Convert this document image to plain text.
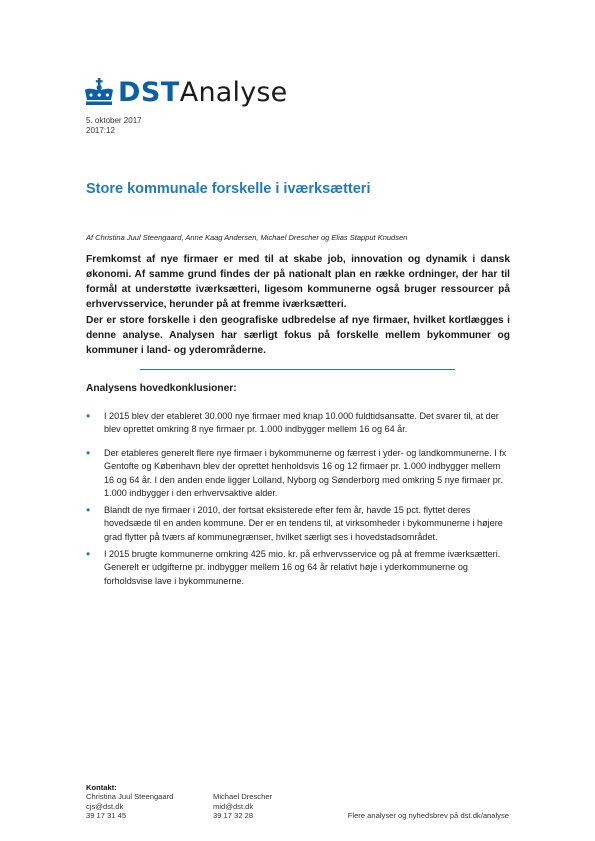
DST Analyse
5. oktober 2017
2017:12
Store kommunale forskelle i iværksætteri
Af Christina Juul Steengaard, Anne Kaag Andersen, Michael Drescher og Elias Stapput Knudsen

Fremkomst af nye firmaer er med til at skabe job, innovation og dynamik i dansk økonomi. Af samme grund findes der på nationalt plan en række ordninger, der har til formål at understøtte iværksætteri, ligesom kommunerne også bruger ressourcer på erhvervsservice, herunder på at fremme iværksætteri.

Der er store forskelle i den geografiske udbredelse af nye firmaer, hvilket kortlægges i denne analyse. Analysen har særligt fokus på forskelle mellem bykommuner og kommuner i land- og yderområderne.

Analysens hovedkonklusioner:
•	I 2015 blev der etableret 30.000 nye firmaer med knap 10.000 fuldtidsansatte. Det svarer til, at der blev oprettet omkring 8 nye firmaer pr. 1.000 indbygger mellem 16 og 64 år.
•	Der etableres generelt flere nye firmaer i bykommunerne og færrest i yder- og landkommunerne. I fx Gentofte og København blev der oprettet henholdsvis 16 og 12 firmaer pr. 1.000 indbygger mellem 16 og 64 år. I den anden ende ligger Lolland, Nyborg og Sønderborg med omkring 5 nye firmaer pr. 1.000 indbygger i den erhvervsaktive alder.
•	Blandt de nye firmaer i 2010, der fortsat eksisterede efter fem år, havde 15 pct. flyttet deres hovedsæde til en anden kommune. Der er en tendens til, at virksomheder i bykommunerne i højere grad flytter på tværs af kommunegrænser, hvilket særligt ses i hovedstadsområdet.
•	I 2015 brugte kommunerne omkring 425 mio. kr. på erhvervsservice og på at fremme iværksætteri. Generelt er udgifterne pr. indbygger mellem 16 og 64 år relativt høje i yderkommunerne og forholdsvise lave i bykommunerne.
Kontakt:
Christina Juul Steengaard
cjs@dst.dk
39 17 31 45
Michael Drescher
mid@dst.dk
39 17 32 28	Flere analyser og nyhedsbrev på dst.dk/analyse
